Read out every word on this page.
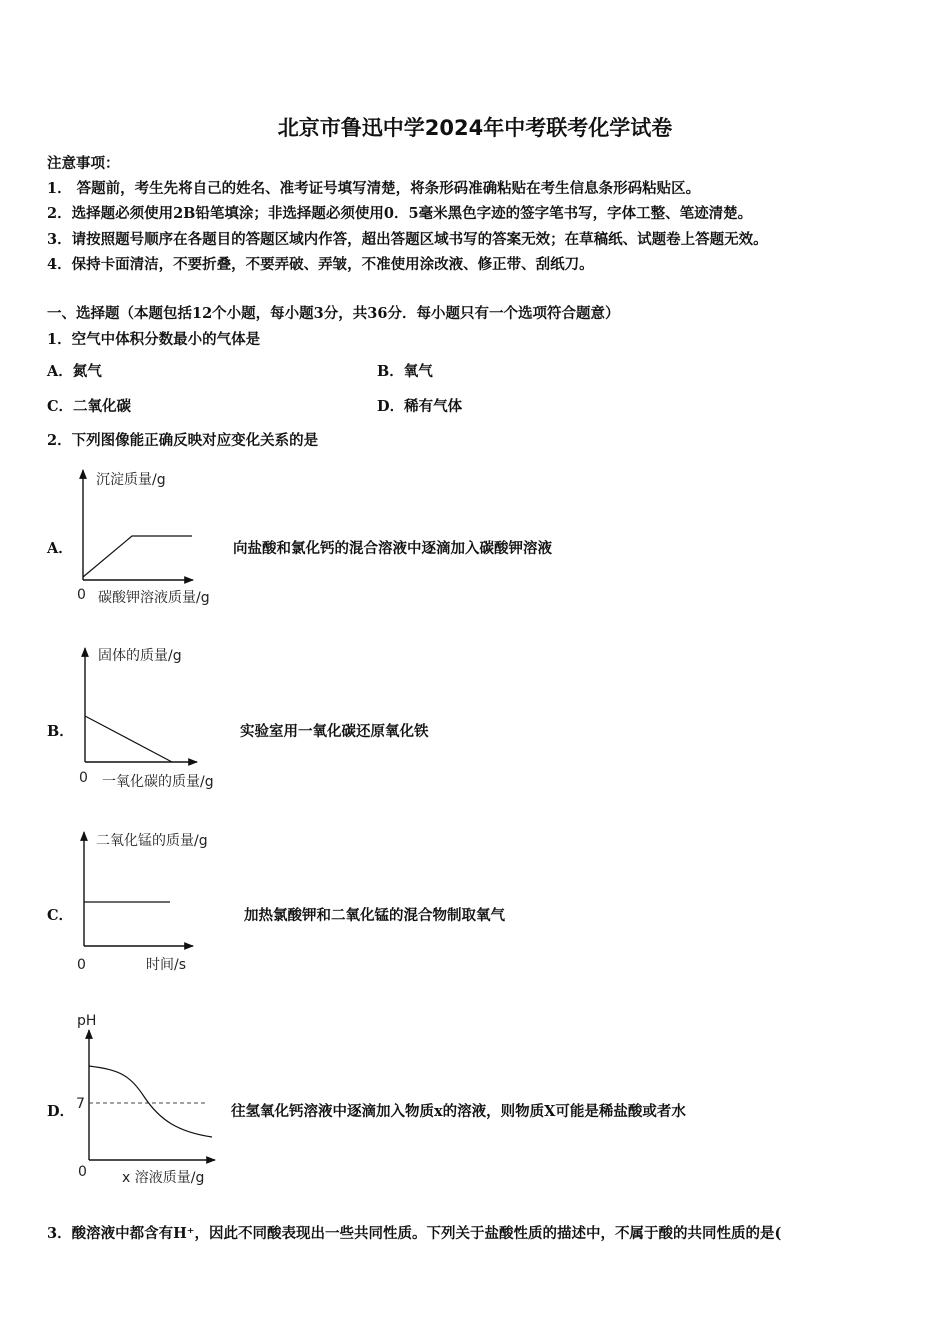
北京市鲁迅中学2024年中考联考化学试卷
注意事项：
1． 答题前，考生先将自己的姓名、准考证号填写清楚，将条形码准确粘贴在考生信息条形码粘贴区。
2．选择题必须使用2B铅笔填涂；非选择题必须使用0．5毫米黑色字迹的签字笔书写，字体工整、笔迹清楚。
3．请按照题号顺序在各题目的答题区域内作答，超出答题区域书写的答案无效；在草稿纸、试题卷上答题无效。
4．保持卡面清洁，不要折叠，不要弄破、弄皱，不准使用涂改液、修正带、刮纸刀。
一、选择题（本题包括12个小题，每小题3分，共36分．每小题只有一个选项符合题意）
1．空气中体积分数最小的气体是
A．氮气	B．氧气
C．二氧化碳	D．稀有气体
2．下列图像能正确反映对应变化关系的是
A．
沉淀质量/g
0 碳酸钾溶液质量/g
固体的质量/g
0 一氧化碳的质量/g
二氧化锰的质量/g
0	时间/s
pH
7
0	x 溶液质量/g
向盐酸和氯化钙的混合溶液中逐滴加入碳酸钾溶液
B．	实验室用一氧化碳还原氧化铁
C．	加热氯酸钾和二氧化锰的混合物制取氧气
D．	往氢氧化钙溶液中逐滴加入物质x的溶液，则物质X可能是稀盐酸或者水
3．酸溶液中都含有H⁺，因此不同酸表现出一些共同性质。下列关于盐酸性质的描述中，不属于酸的共同性质的是(
